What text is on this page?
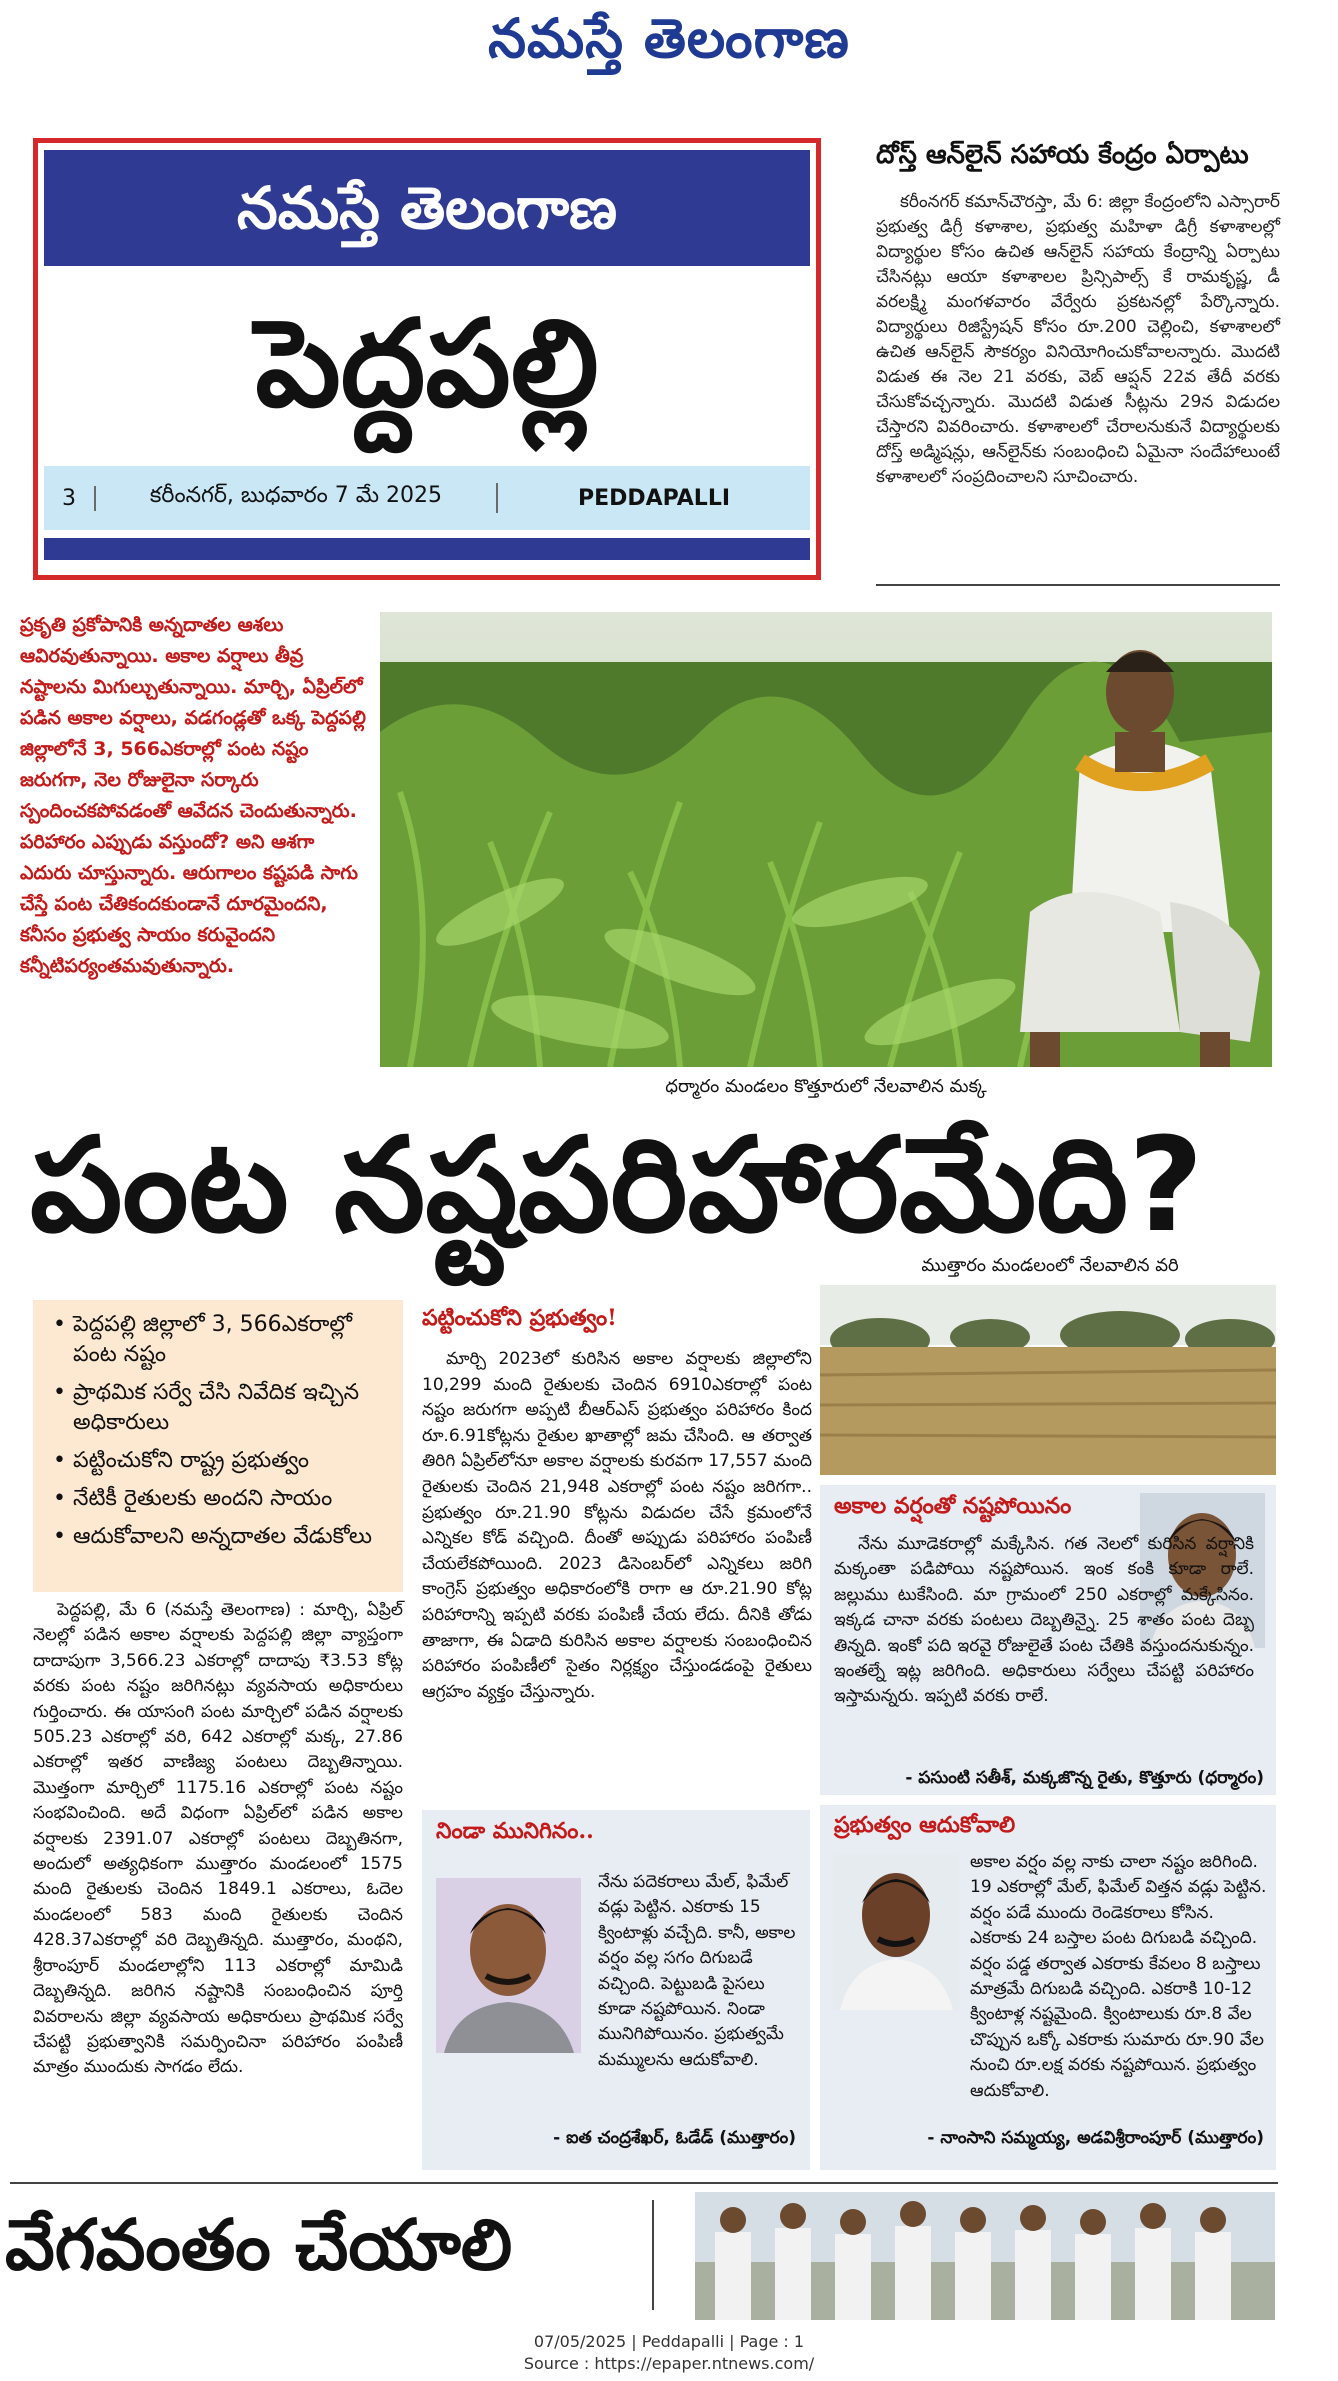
నమస్తే తెలంగాణ
నమస్తే తెలంగాణ
పెద్దపల్లి
3	కరీంనగర్, బుధవారం 7 మే 2025	PEDDAPALLI
దోస్త్ ఆన్‌లైన్ సహాయ కేంద్రం ఏర్పాటు
కరీంనగర్ కమాన్‌చౌరస్తా, మే 6: జిల్లా కేంద్రంలోని ఎస్సారార్ ప్రభుత్వ డిగ్రీ కళాశాల, ప్రభుత్వ మహిళా డిగ్రీ కళాశాలల్లో విద్యార్థుల కోసం ఉచిత ఆన్‌లైన్ సహాయ కేంద్రాన్ని ఏర్పాటు చేసినట్లు ఆయా కళాశాలల ప్రిన్సిపాల్స్ కే రామకృష్ణ, డీ వరలక్ష్మి మంగళవారం వేర్వేరు ప్రకటనల్లో పేర్కొన్నారు. విద్యార్థులు రిజిస్ట్రేషన్ కోసం రూ.200 చెల్లించి, కళాశాలలో ఉచిత ఆన్‌లైన్ సౌకర్యం వినియోగించుకోవాలన్నారు. మొదటి విడుత ఈ నెల 21 వరకు, వెబ్ ఆప్షన్ 22వ తేదీ వరకు చేసుకోవచ్చన్నారు. మొదటి విడుత సీట్లను 29న విడుదల చేస్తారని వివరించారు. కళాశాలలో చేరాలనుకునే విద్యార్థులకు దోస్త్ అడ్మిషన్లు, ఆన్‌లైన్‌కు సంబంధించి ఏమైనా సందేహాలుంటే కళాశాలలో సంప్రదించాలని సూచించారు.
ప్రకృతి ప్రకోపానికి అన్నదాతల ఆశలు ఆవిరవుతున్నాయి. అకాల వర్షాలు తీవ్ర నష్టాలను మిగుల్చుతున్నాయి. మార్చి, ఏప్రిల్‌లో పడిన అకాల వర్షాలు, వడగండ్లతో ఒక్క పెద్దపల్లి జిల్లాలోనే 3, 566ఎకరాల్లో పంట నష్టం జరుగగా, నెల రోజులైనా సర్కారు స్పందించకపోవడంతో ఆవేదన చెందుతున్నారు. పరిహారం ఎప్పుడు వస్తుందో? అని ఆశగా ఎదురు చూస్తున్నారు. ఆరుగాలం కష్టపడి సాగు చేస్తే పంట చేతికందకుండానే దూరమైందని, కనీసం ప్రభుత్వ సాయం కరువైందని కన్నీటిపర్యంతమవుతున్నారు.
ధర్మారం మండలం కొత్తూరులో నేలవాలిన మక్క
పంట నష్టపరిహారమేది?
ముత్తారం మండలంలో నేలవాలిన వరి
• పెద్దపల్లి జిల్లాలో 3, 566ఎకరాల్లో పంట నష్టం
• ప్రాథమిక సర్వే చేసి నివేదిక ఇచ్చిన అధికారులు
• పట్టించుకోని రాష్ట్ర ప్రభుత్వం
• నేటికీ రైతులకు అందని సాయం
• ఆదుకోవాలని అన్నదాతల వేడుకోలు
పెద్దపల్లి, మే 6 (నమస్తే తెలంగాణ) : మార్చి, ఏప్రిల్ నెలల్లో పడిన అకాల వర్షాలకు పెద్దపల్లి జిల్లా వ్యాప్తంగా దాదాపుగా 3,566.23 ఎకరాల్లో దాదాపు ₹3.53 కోట్ల వరకు పంట నష్టం జరిగినట్లు వ్యవసాయ అధికారులు గుర్తించారు. ఈ యాసంగి పంట మార్చిలో పడిన వర్షాలకు 505.23 ఎకరాల్లో వరి, 642 ఎకరాల్లో మక్క, 27.86 ఎకరాల్లో ఇతర వాణిజ్య పంటలు దెబ్బతిన్నాయి. మొత్తంగా మార్చిలో 1175.16 ఎకరాల్లో పంట నష్టం సంభవించింది. అదే విధంగా ఏప్రిల్‌లో పడిన అకాల వర్షాలకు 2391.07 ఎకరాల్లో పంటలు దెబ్బతినగా, అందులో అత్యధికంగా ముత్తారం మండలంలో 1575 మంది రైతులకు చెందిన 1849.1 ఎకరాలు, ఓదెల మండలంలో 583 మంది రైతులకు చెందిన 428.37ఎకరాల్లో వరి దెబ్బతిన్నది. ముత్తారం, మంథని, శ్రీరాంపూర్ మండలాల్లోని 113 ఎకరాల్లో మామిడి దెబ్బతిన్నది. జరిగిన నష్టానికి సంబంధించిన పూర్తి వివరాలను జిల్లా వ్యవసాయ అధికారులు ప్రాథమిక సర్వే చేపట్టి ప్రభుత్వానికి సమర్పించినా పరిహారం పంపిణీ మాత్రం ముందుకు సాగడం లేదు.
పట్టించుకోని ప్రభుత్వం!
మార్చి 2023లో కురిసిన అకాల వర్షాలకు జిల్లాలోని 10,299 మంది రైతులకు చెందిన 6910ఎకరాల్లో పంట నష్టం జరుగగా అప్పటి బీఆర్‌ఎస్ ప్రభుత్వం పరిహారం కింద రూ.6.91కోట్లను రైతుల ఖాతాల్లో జమ చేసింది. ఆ తర్వాత తిరిగి ఏప్రిల్‌లోనూ అకాల వర్షాలకు కురవగా 17,557 మంది రైతులకు చెందిన 21,948 ఎకరాల్లో పంట నష్టం జరిగగా.. ప్రభుత్వం రూ.21.90 కోట్లను విడుదల చేసే క్రమంలోనే ఎన్నికల కోడ్ వచ్చింది. దీంతో అప్పుడు పరిహారం పంపిణీ చేయలేకపోయింది. 2023 డిసెంబర్‌లో ఎన్నికలు జరిగి కాంగ్రెస్ ప్రభుత్వం అధికారంలోకి రాగా ఆ రూ.21.90 కోట్ల పరిహారాన్ని ఇప్పటి వరకు పంపిణీ చేయ లేదు. దీనికి తోడు తాజాగా, ఈ ఏడాది కురిసిన అకాల వర్షాలకు సంబంధించిన పరిహారం పంపిణీలో సైతం నిర్లక్ష్యం చేస్తుండడంపై రైతులు ఆగ్రహం వ్యక్తం చేస్తున్నారు.
అకాల వర్షంతో నష్టపోయినం
నేను మూడెకరాల్లో మక్కేసిన. గత నెలలో కురిసిన వర్షానికి మక్కంతా పడిపోయి నష్టపోయిన. ఇంక కంకి కూడా రాలే. జల్లుము టుకేసింది. మా గ్రామంలో 250 ఎకరాల్లో మక్కేసినం. ఇక్కడ చానా వరకు పంటలు దెబ్బతిన్నై. 25 శాతం పంట దెబ్బ తిన్నది. ఇంకో పది ఇరవై రోజులైతే పంట చేతికి వస్తుందనుకున్నం. ఇంతల్నే ఇట్ల జరిగింది. అధికారులు సర్వేలు చేపట్టి పరిహారం ఇస్తామన్నరు. ఇప్పటి వరకు రాలే.
- పసుంటి సతీశ్, మక్కజొన్న రైతు, కొత్తూరు (ధర్మారం)
నిండా మునిగినం..
నేను పదెకరాలు మేల్, ఫిమేల్ వడ్లు పెట్టిన. ఎకరాకు 15 క్వింటాళ్లు వచ్చేది. కానీ, అకాల వర్షం వల్ల సగం దిగుబడే వచ్చింది. పెట్టుబడి పైసలు కూడా నష్టపోయిన. నిండా మునిగిపోయినం. ప్రభుత్వమే మమ్ములను ఆదుకోవాలి.
- ఐత చంద్రశేఖర్, ఓడేడ్ (ముత్తారం)
ప్రభుత్వం ఆదుకోవాలి
అకాల వర్షం వల్ల నాకు చాలా నష్టం జరిగింది. 19 ఎకరాల్లో మేల్, ఫిమేల్ విత్తన వడ్లు పెట్టిన. వర్షం పడే ముందు రెండెకరాలు కోసిన. ఎకరాకు 24 బస్తాల పంట దిగుబడి వచ్చింది. వర్షం పడ్డ తర్వాత ఎకరాకు కేవలం 8 బస్తాలు మాత్రమే దిగుబడి వచ్చింది. ఎకరాకి 10-12 క్వింటాళ్ల నష్టమైంది. క్వింటాలుకు రూ.8 వేల చొప్పున ఒక్కో ఎకరాకు సుమారు రూ.90 వేల నుంచి రూ.లక్ష వరకు నష్టపోయిన. ప్రభుత్వం ఆదుకోవాలి.
- నాంసాని సమ్మయ్య, అడవిశ్రీరాంపూర్ (ముత్తారం)
వేగవంతం చేయాలి
07/05/2025 | Peddapalli | Page : 1
Source : https://epaper.ntnews.com/
